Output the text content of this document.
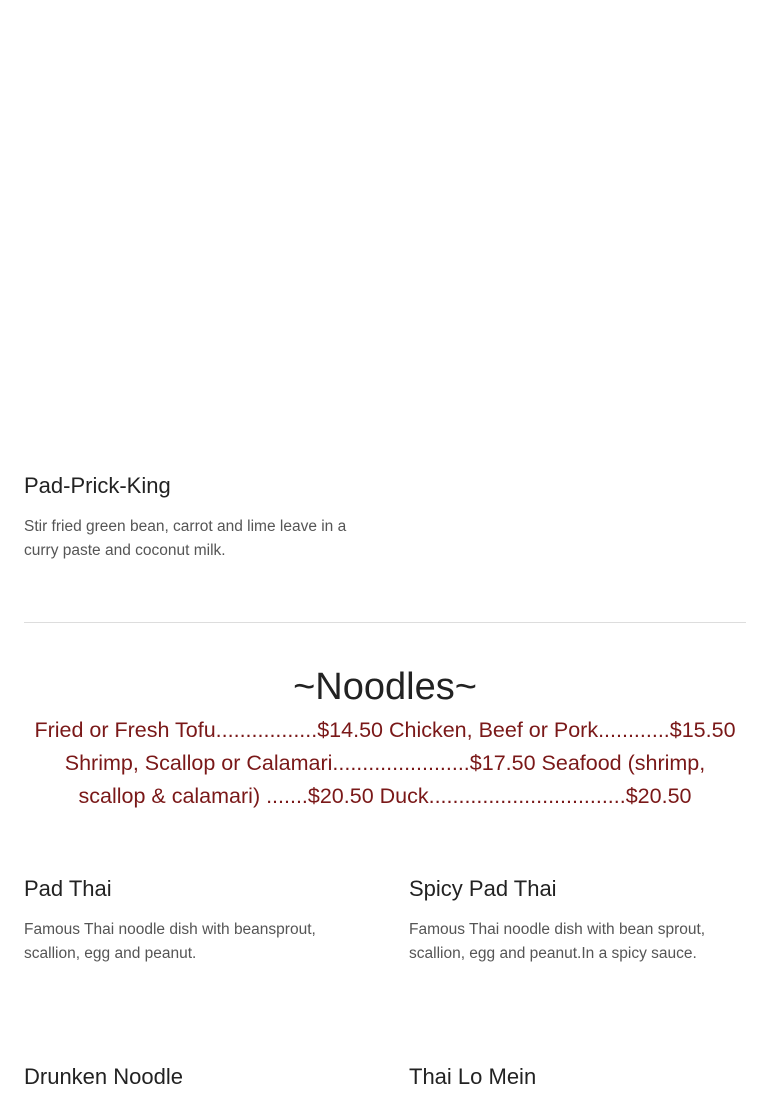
Pad-Prick-King

Stir fried green bean, carrot and lime leave in a curry paste and coconut milk.

~Noodles~

Fried or Fresh Tofu.................$14.50 Chicken, Beef or Pork............$15.50 Shrimp, Scallop or Calamari.......................$17.50 Seafood (shrimp, scallop & calamari) .......$20.50 Duck.................................$20.50

Pad Thai

Famous Thai noodle dish with beansprout, scallion, egg and peanut.

Spicy Pad Thai

Famous Thai noodle dish with bean sprout, scallion, egg and peanut.In a spicy sauce.

Drunken Noodle	Thai Lo Mein
